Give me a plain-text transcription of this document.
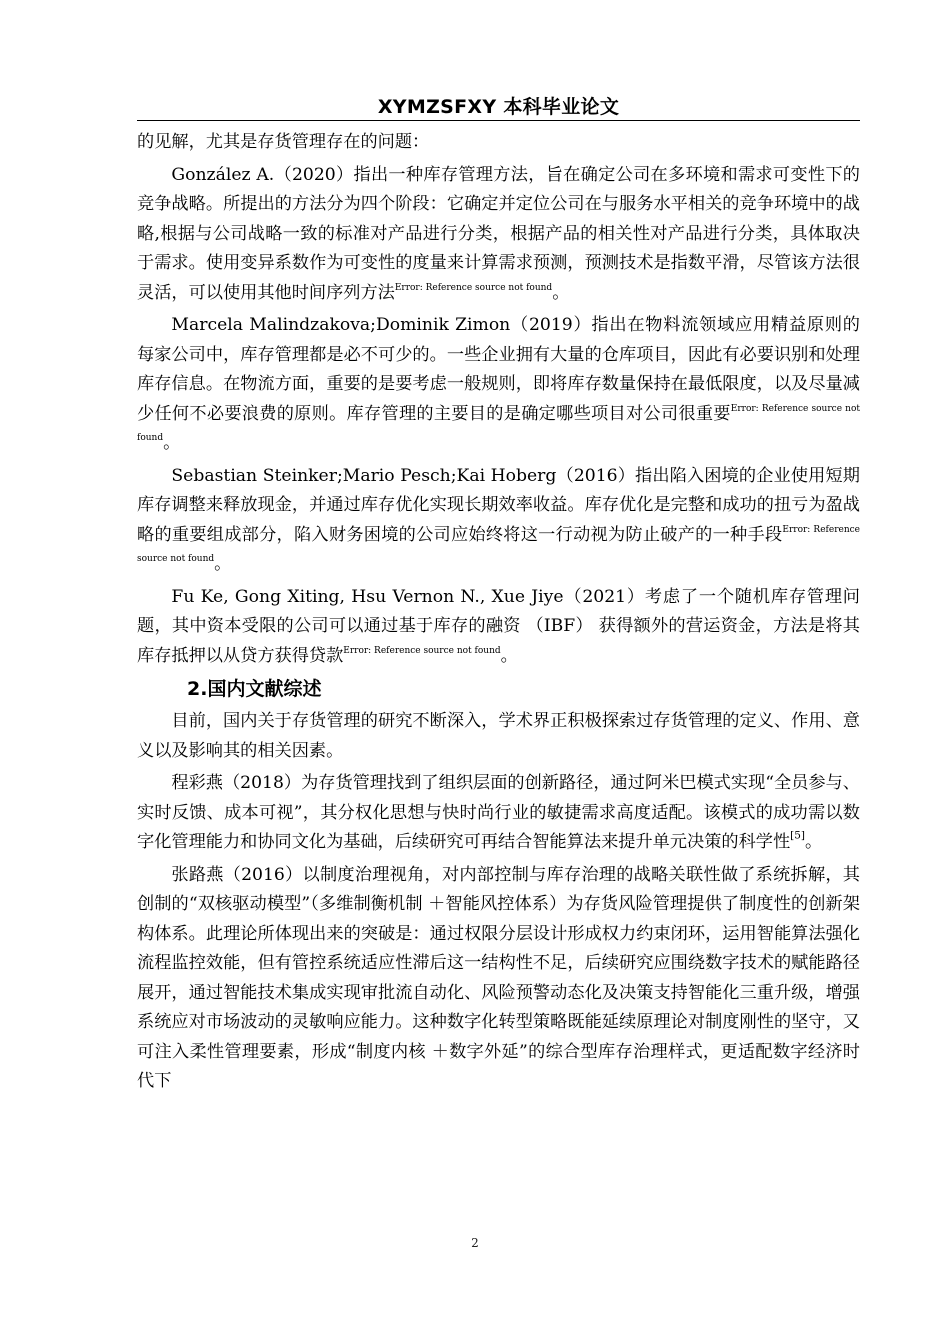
XYMZSFXY 本科毕业论文

的见解，尤其是存货管理存在的问题：

González A.（2020）指出一种库存管理方法，旨在确定公司在多环境和需求可变性下的竞争战略。所提出的方法分为四个阶段：它确定并定位公司在与服务水平相关的竞争环境中的战略,根据与公司战略一致的标准对产品进行分类，根据产品的相关性对产品进行分类，具体取决于需求。使用变异系数作为可变性的度量来计算需求预测，预测技术是指数平滑，尽管该方法很灵活，可以使用其他时间序列方法$^{Error: Reference source not found}$。

Marcela Malindzakova;Dominik Zimon（2019）指出在物料流领域应用精益原则的每家公司中，库存管理都是必不可少的。一些企业拥有大量的仓库项目，因此有必要识别和处理库存信息。在物流方面，重要的是要考虑一般规则，即将库存数量保持在最低限度，以及尽量减少任何不必要浪费的原则。库存管理的主要目的是确定哪些项目对公司很重要$^{Error: Reference source not found}$。

Sebastian Steinker;Mario Pesch;Kai Hoberg（2016）指出陷入困境的企业使用短期库存调整来释放现金，并通过库存优化实现长期效率收益。库存优化是完整和成功的扭亏为盈战略的重要组成部分，陷入财务困境的公司应始终将这一行动视为防止破产的一种手段$^{Error: Reference source not found}$。

Fu Ke, Gong Xiting, Hsu Vernon N., Xue Jiye（2021）考虑了一个随机库存管理问题，其中资本受限的公司可以通过基于库存的融资 （IBF） 获得额外的营运资金，方法是将其库存抵押以从贷方获得贷款$^{Error: Reference source not found}$。

2.国内文献综述

目前，国内关于存货管理的研究不断深入，学术界正积极探索过存货管理的定义、作用、意义以及影响其的相关因素。

程彩燕（2018）为存货管理找到了组织层面的创新路径，通过阿米巴模式实现“全员参与、实时反馈、成本可视”，其分权化思想与快时尚行业的敏捷需求高度适配。该模式的成功需以数字化管理能力和协同文化为基础，后续研究可再结合智能算法来提升单元决策的科学性[5]。

张路燕（2016）以制度治理视角，对内部控制与库存治理的战略关联性做了系统拆解，其创制的“双核驱动模型”（多维制衡机制 ＋智能风控体系）为存货风险管理提供了制度性的创新架构体系。此理论所体现出来的突破是：通过权限分层设计形成权力约束闭环，运用智能算法强化流程监控效能，但有管控系统适应性滞后这一结构性不足，后续研究应围绕数字技术的赋能路径展开，通过智能技术集成实现审批流自动化、风险预警动态化及决策支持智能化三重升级，增强系统应对市场波动的灵敏响应能力。这种数字化转型策略既能延续原理论对制度刚性的坚守，又可注入柔性管理要素，形成“制度内核 ＋数字外延”的综合型库存治理样式，更适配数字经济时代下

2
